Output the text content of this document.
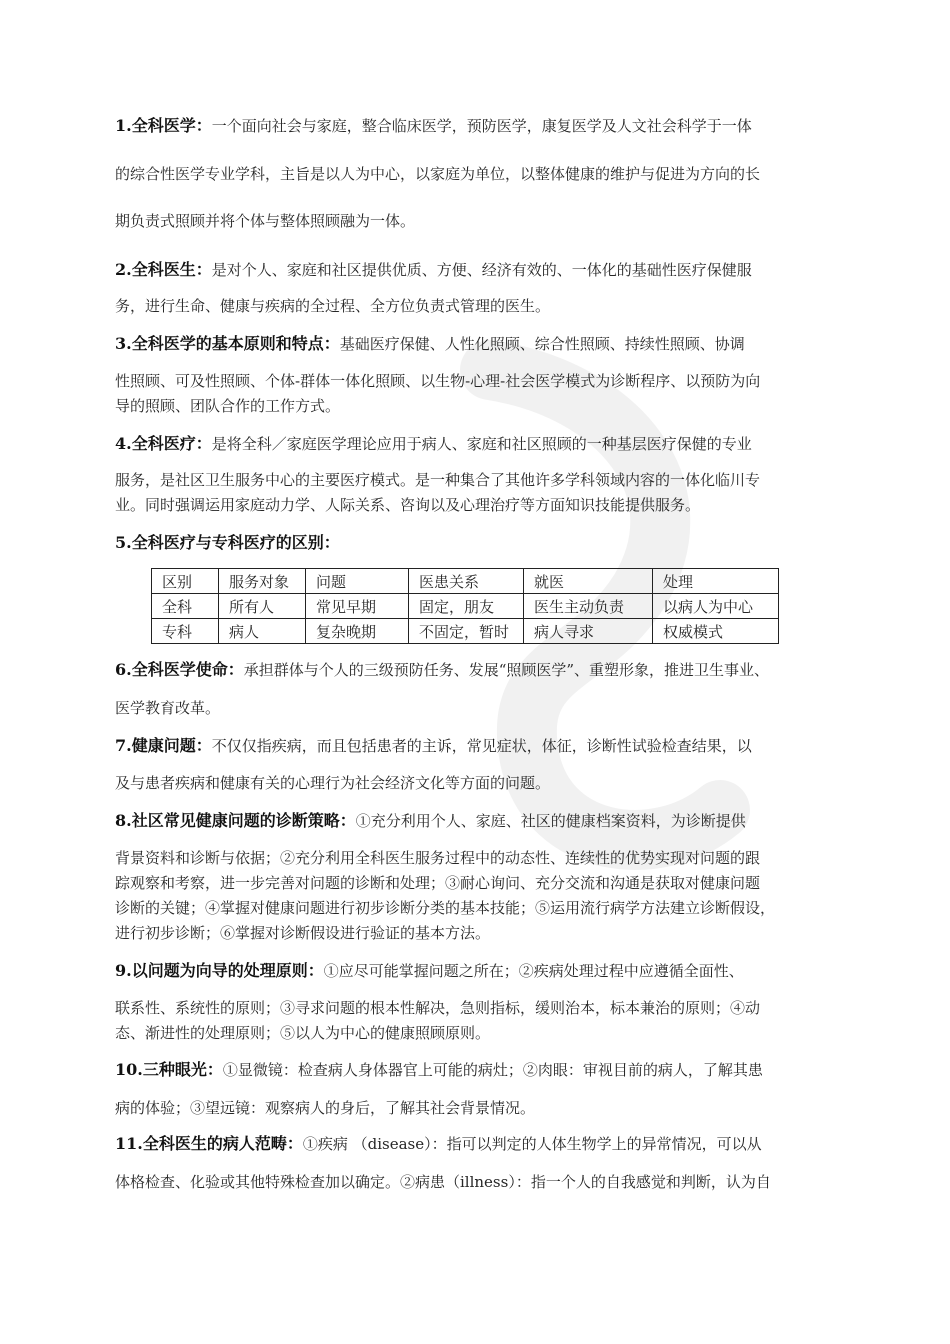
1.全科医学：一个面向社会与家庭，整合临床医学，预防医学，康复医学及人文社会科学于一体
的综合性医学专业学科，主旨是以人为中心，以家庭为单位，以整体健康的维护与促进为方向的长
期负责式照顾并将个体与整体照顾融为一体。
2.全科医生：是对个人、家庭和社区提供优质、方便、经济有效的、一体化的基础性医疗保健服
务，进行生命、健康与疾病的全过程、全方位负责式管理的医生。
3.全科医学的基本原则和特点：基础医疗保健、人性化照顾、综合性照顾、持续性照顾、协调
性照顾、可及性照顾、个体-群体一体化照顾、以生物-心理-社会医学模式为诊断程序、以预防为向
导的照顾、团队合作的工作方式。
4.全科医疗：是将全科／家庭医学理论应用于病人、家庭和社区照顾的一种基层医疗保健的专业
服务，是社区卫生服务中心的主要医疗模式。是一种集合了其他许多学科领域内容的一体化临川专
业。同时强调运用家庭动力学、人际关系、咨询以及心理治疗等方面知识技能提供服务。
5.全科医疗与专科医疗的区别：
区别	服务对象	问题	医患关系	就医	处理
全科	所有人	常见早期	固定，朋友	医生主动负责	以病人为中心
专科	病人	复杂晚期	不固定，暂时	病人寻求	权威模式
6.全科医学使命：承担群体与个人的三级预防任务、发展“照顾医学”、重塑形象，推进卫生事业、
医学教育改革。
7.健康问题：不仅仅指疾病，而且包括患者的主诉，常见症状，体征，诊断性试验检查结果，以
及与患者疾病和健康有关的心理行为社会经济文化等方面的问题。
8.社区常见健康问题的诊断策略：①充分利用个人、家庭、社区的健康档案资料，为诊断提供
背景资料和诊断与依据；②充分利用全科医生服务过程中的动态性、连续性的优势实现对问题的跟
踪观察和考察，进一步完善对问题的诊断和处理；③耐心询问、充分交流和沟通是获取对健康问题
诊断的关键；④掌握对健康问题进行初步诊断分类的基本技能；⑤运用流行病学方法建立诊断假设，
进行初步诊断；⑥掌握对诊断假设进行验证的基本方法。
9.以问题为向导的处理原则：①应尽可能掌握问题之所在；②疾病处理过程中应遵循全面性、
联系性、系统性的原则；③寻求问题的根本性解决，急则指标，缓则治本，标本兼治的原则；④动
态、渐进性的处理原则；⑤以人为中心的健康照顾原则。
10.三种眼光：①显微镜：检查病人身体器官上可能的病灶；②肉眼：审视目前的病人，了解其患
病的体验；③望远镜：观察病人的身后，了解其社会背景情况。
11.全科医生的病人范畴：①疾病 （disease）：指可以判定的人体生物学上的异常情况，可以从
体格检查、化验或其他特殊检查加以确定。②病患（illness）：指一个人的自我感觉和判断，认为自
